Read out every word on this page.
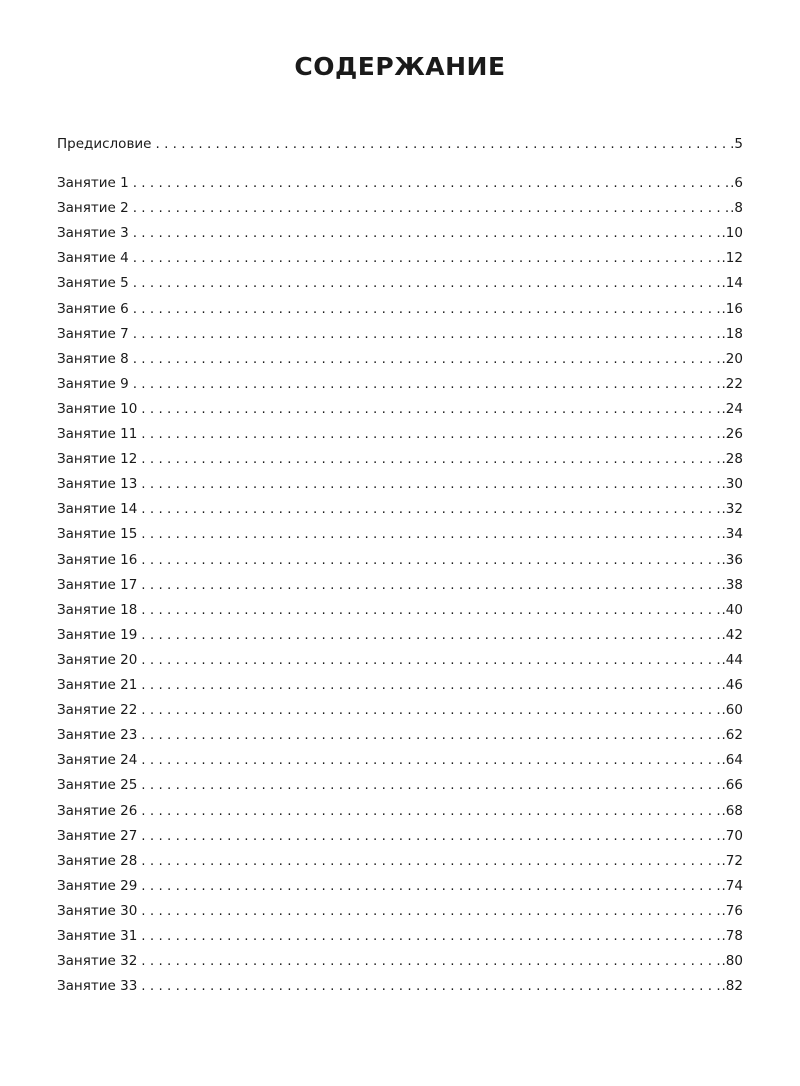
СОДЕРЖАНИЕ
Предисловие . . .	.5
Занятие 1 . . .	.6
Занятие 2 . . .	.8
Занятие 3 . . .	.10
Занятие 4 . . .	.12
Занятие 5 . . .	.14
Занятие 6 . . .	.16
Занятие 7 . . .	.18
Занятие 8 . . .	.20
Занятие 9 . . .	.22
Занятие 10 . . .	.24
Занятие 11 . . .	.26
Занятие 12 . . .	.28
Занятие 13 . . .	.30
Занятие 14 . . .	.32
Занятие 15 . . .	.34
Занятие 16 . . .	.36
Занятие 17 . . .	.38
Занятие 18 . . .	.40
Занятие 19 . . .	.42
Занятие 20 . . .	.44
Занятие 21 . . .	.46
Занятие 22 . . .	.60
Занятие 23 . . .	.62
Занятие 24 . . .	.64
Занятие 25 . . .	.66
Занятие 26 . . .	.68
Занятие 27 . . .	.70
Занятие 28 . . .	.72
Занятие 29 . . .	.74
Занятие 30 . . .	.76
Занятие 31 . . .	.78
Занятие 32 . . .	.80
Занятие 33 . . .	.82
